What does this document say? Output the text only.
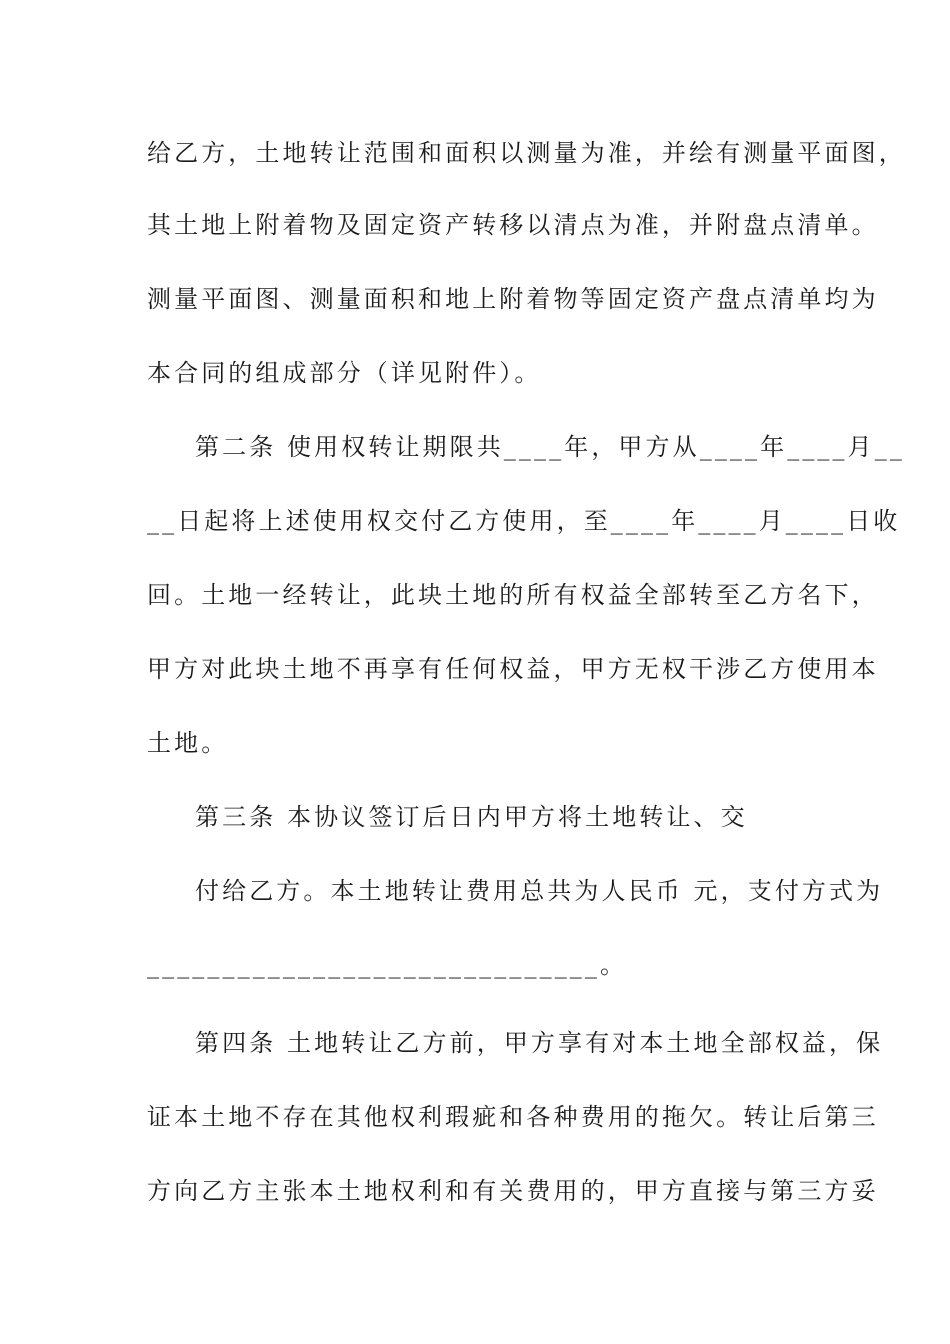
给乙方，土地转让范围和面积以测量为准，并绘有测量平面图，
其土地上附着物及固定资产转移以清点为准，并附盘点清单。
测量平面图、测量面积和地上附着物等固定资产盘点清单均为
本合同的组成部分（详见附件）。
第二条 使用权转让期限共____年，甲方从____年____月__
__日起将上述使用权交付乙方使用，至____年____月____日收
回。土地一经转让，此块土地的所有权益全部转至乙方名下，
甲方对此块土地不再享有任何权益，甲方无权干涉乙方使用本
土地。
第三条 本协议签订后日内甲方将土地转让、交
付给乙方。本土地转让费用总共为人民币 元，支付方式为
______________________________。
第四条 土地转让乙方前，甲方享有对本土地全部权益，保
证本土地不存在其他权利瑕疵和各种费用的拖欠。转让后第三
方向乙方主张本土地权利和有关费用的，甲方直接与第三方妥
